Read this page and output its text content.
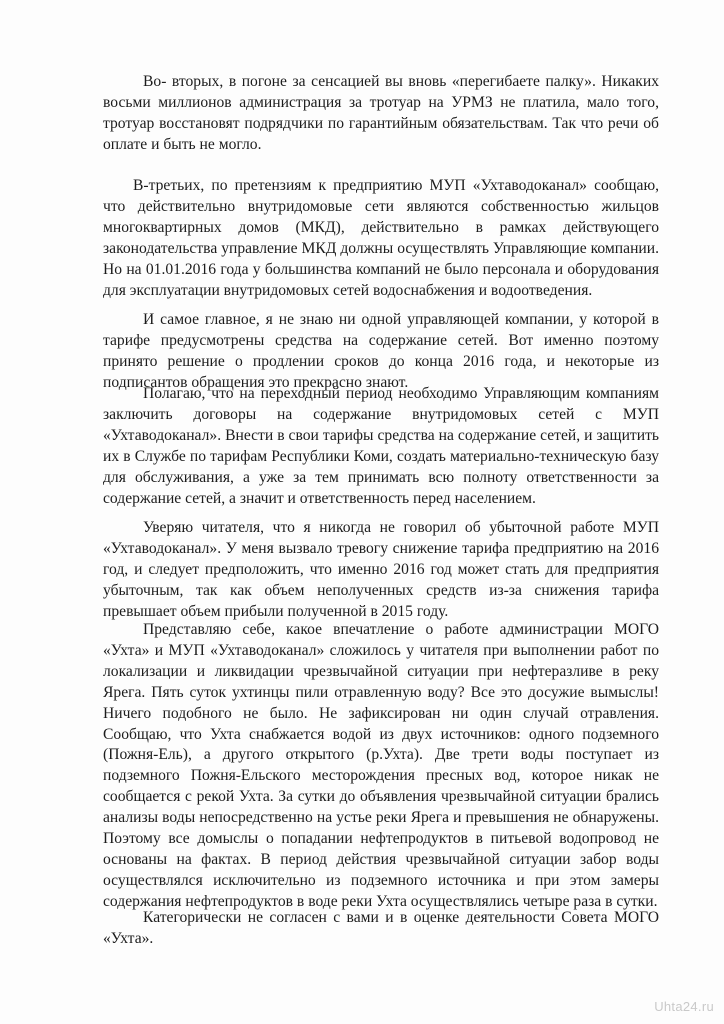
Во- вторых, в погоне за сенсацией вы вновь «перегибаете палку». Никаких восьми миллионов администрация за тротуар на УРМЗ не платила, мало того, тротуар восстановят подрядчики по гарантийным обязательствам. Так что речи об оплате и быть не могло.

В-третьих, по претензиям к предприятию МУП «Ухтаводоканал» сообщаю, что действительно внутридомовые сети являются собственностью жильцов многоквартирных домов (МКД), действительно в рамках действующего законодательства управление МКД должны осуществлять Управляющие компании. Но на 01.01.2016 года у большинства компаний не было персонала и оборудования для эксплуатации внутридомовых сетей водоснабжения и водоотведения.

И самое главное, я не знаю ни одной управляющей компании, у которой в тарифе предусмотрены средства на содержание сетей. Вот именно поэтому принято решение о продлении сроков до конца 2016 года, и некоторые из подписантов обращения это прекрасно знают.

Полагаю, что на переходный период необходимо Управляющим компаниям заключить договоры на содержание внутридомовых сетей с МУП «Ухтаводоканал». Внести в свои тарифы средства на содержание сетей, и защитить их в Службе по тарифам Республики Коми, создать материально-техническую базу для обслуживания, а уже за тем принимать всю полноту ответственности за содержание сетей, а значит и ответственность перед населением.

Уверяю читателя, что я никогда не говорил об убыточной работе МУП «Ухтаводоканал». У меня вызвало тревогу снижение тарифа предприятию на 2016 год, и следует предположить, что именно 2016 год может стать для предприятия убыточным, так как объем неполученных средств из-за снижения тарифа превышает объем прибыли полученной в 2015 году.

Представляю себе, какое впечатление о работе администрации МОГО «Ухта» и МУП «Ухтаводоканал» сложилось у читателя при выполнении работ по локализации и ликвидации чрезвычайной ситуации при нефтеразливе в реку Ярега. Пять суток ухтинцы пили отравленную воду? Все это досужие вымыслы! Ничего подобного не было. Не зафиксирован ни один случай отравления. Сообщаю, что Ухта снабжается водой из двух источников: одного подземного (Пожня-Ель), а другого открытого (р.Ухта). Две трети воды поступает из подземного Пожня-Ельского месторождения пресных вод, которое никак не сообщается с рекой Ухта. За сутки до объявления чрезвычайной ситуации брались анализы воды непосредственно на устье реки Ярега и превышения не обнаружены. Поэтому все домыслы о попадании нефтепродуктов в питьевой водопровод не основаны на фактах. В период действия чрезвычайной ситуации забор воды осуществлялся исключительно из подземного источника и при этом замеры содержания нефтепродуктов в воде реки Ухта осуществлялись четыре раза в сутки.

Категорически не согласен с вами и в оценке деятельности Совета МОГО «Ухта».

Uhta24.ru
